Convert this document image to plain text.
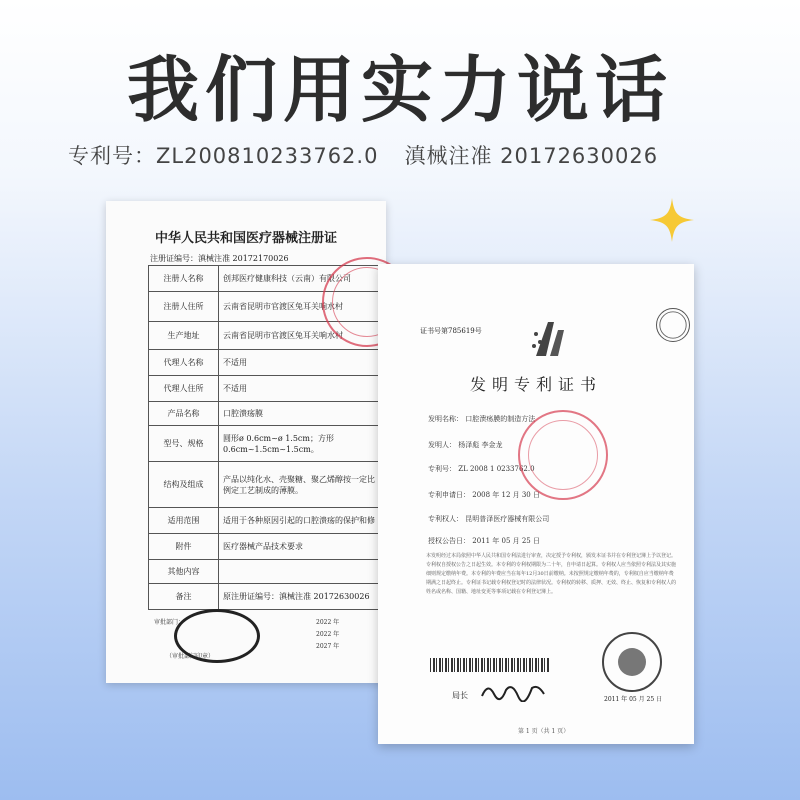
我们用实力说话
专利号：ZL200810233762.0 滇械注准 20172630026
中华人民共和国医疗器械注册证
注册证编号：滇械注准 20172170026
注册人名称	创邦医疗健康科技（云南）有限公司
注册人住所	云南省昆明市官渡区兔耳关响水村
生产地址	云南省昆明市官渡区兔耳关响水村
代理人名称	不适用
代理人住所	不适用
产品名称	口腔溃疡膜
型号、规格	圆形ø 0.6cm~ø 1.5cm；方形0.6cm~1.5cm~1.5cm。
结构及组成	产品以纯化水、壳聚糖、聚乙烯醇按一定比例定工艺制成的薄膜。
适用范围	适用于各种原因引起的口腔溃疡的保护和修
附件	医疗器械产品技术要求
其他内容	
备注	原注册证编号：滇械注准 20172630026
审批部门：	2022 年
2022 年
2027 年
（审批部门印章）
证书号第785619号
发明专利证书
发明名称： 口腔溃疡膜的制造方法
发明人： 杨泽彪 李金龙
专利号： ZL 2008 1 0233762.0
专利申请日： 2008 年 12 月 30 日
专利权人： 昆明普泽医疗器械有限公司
授权公告日： 2011 年 05 月 25 日
本发明经过本局依照中华人民共和国专利法进行审查，决定授予专利权，颁发本证书并在专利登记簿上予以登记。专利权自授权公告之日起生效。本专利的专利权期限为二十年，自申请日起算。专利权人应当依照专利法及其实施细则规定缴纳年费。本专利的年费应当在每年12月30日前缴纳。未按照规定缴纳年费的，专利权自应当缴纳年费期满之日起终止。专利证书记载专利权登记时的法律状况。专利权的转移、质押、无效、终止、恢复和专利权人的姓名或名称、国籍、地址变更等事项记载在专利登记簿上。
局长	2011 年 05 月 25 日
第 1 页（共 1 页）
